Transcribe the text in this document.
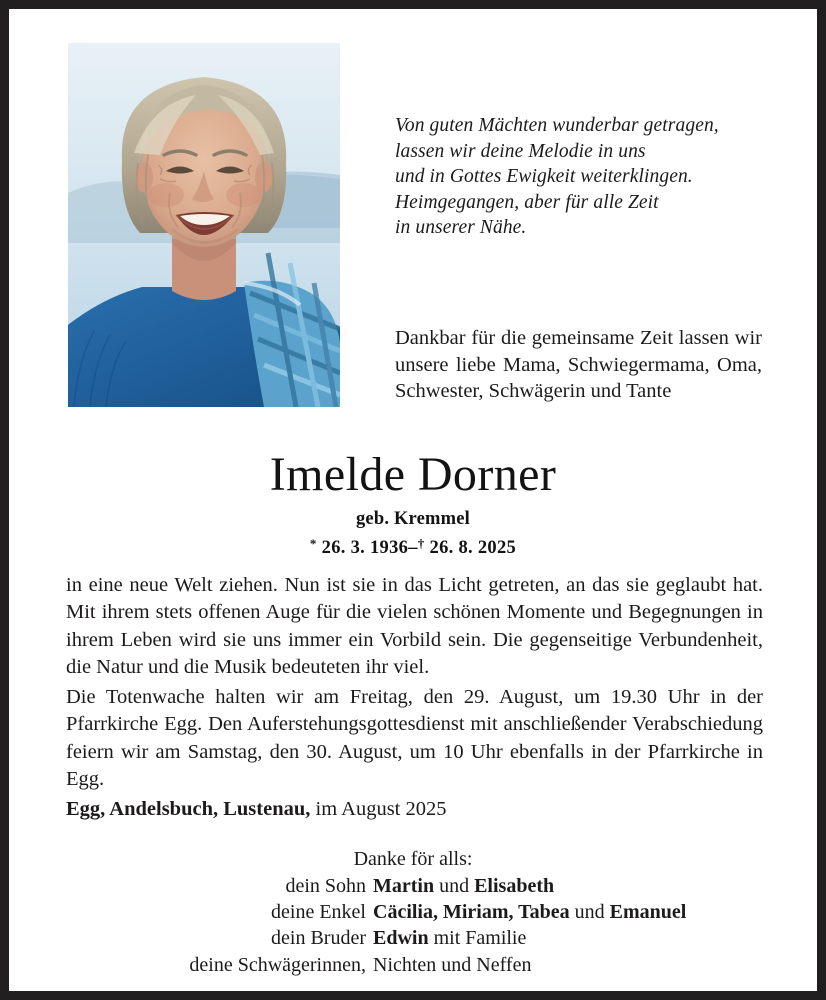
Von guten Mächten wunderbar getragen,
lassen wir deine Melodie in uns
und in Gottes Ewigkeit weiterklingen.
Heimgegangen, aber für alle Zeit
in unserer Nähe.
Dankbar für die gemeinsame Zeit lassen wir unsere liebe Mama, Schwiegermama, Oma, Schwester, Schwägerin und Tante
Imelde Dorner
geb. Kremmel
* 26. 3. 1936–† 26. 8. 2025
in eine neue Welt ziehen. Nun ist sie in das Licht getreten, an das sie geglaubt hat. Mit ihrem stets offenen Auge für die vielen schönen Momente und Begegnungen in ihrem Leben wird sie uns immer ein Vorbild sein. Die gegenseitige Verbundenheit, die Natur und die Musik bedeuteten ihr viel.
Die Totenwache halten wir am Freitag, den 29. August, um 19.30 Uhr in der Pfarrkirche Egg. Den Auferstehungsgottesdienst mit anschließender Verabschiedung feiern wir am Samstag, den 30. August, um 10 Uhr ebenfalls in der Pfarrkirche in Egg.
Egg, Andelsbuch, Lustenau, im August 2025
Danke för alls:
dein Sohn Martin und Elisabeth
deine Enkel Cäcilia, Miriam, Tabea und Emanuel
dein Bruder Edwin mit Familie
deine Schwägerinnen, Nichten und Neffen
